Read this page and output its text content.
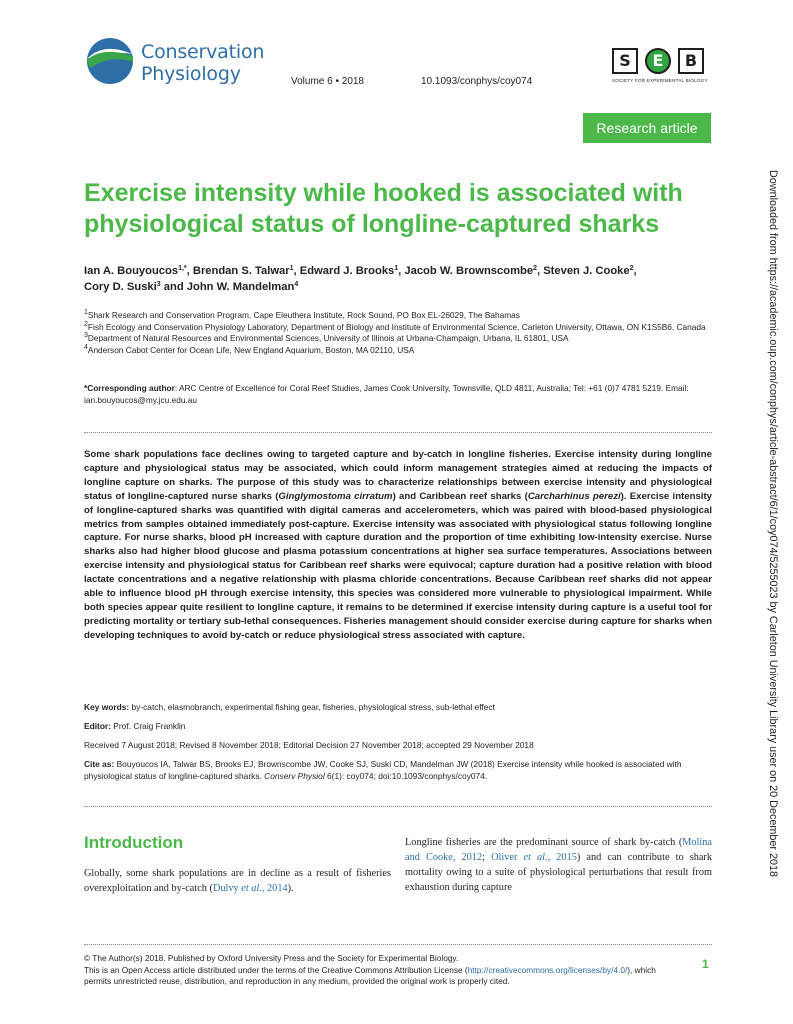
Conservation
Physiology	Volume 6 • 2018	10.1093/conphys/coy074
S	E	B
SOCIETY FOR EXPERIMENTAL BIOLOGY
Research article
Exercise intensity while hooked is associated with physiological status of longline-captured sharks
Ian A. Bouyoucos$^{1,*}$, Brendan S. Talwar$^1$, Edward J. Brooks$^1$, Jacob W. Brownscombe$^2$, Steven J. Cooke$^2$,
Cory D. Suski$^3$ and John W. Mandelman$^4$
$^1$Shark Research and Conservation Program, Cape Eleuthera Institute, Rock Sound, PO Box EL-26029, The Bahamas
$^2$Fish Ecology and Conservation Physiology Laboratory, Department of Biology and Institute of Environmental Science, Carleton University, Ottawa, ON K1S5B6, Canada
$^3$Department of Natural Resources and Environmental Sciences, University of Illinois at Urbana-Champaign, Urbana, IL 61801, USA
$^4$Anderson Cabot Center for Ocean Life, New England Aquarium, Boston, MA 02110, USA
*Corresponding author: ARC Centre of Excellence for Coral Reef Studies, James Cook University, Townsville, QLD 4811, Australia; Tel: +61 (0)7 4781 5219. Email: ian.bouyoucos@my.jcu.edu.au

Some shark populations face declines owing to targeted capture and by-catch in longline fisheries. Exercise intensity during longline capture and physiological status may be associated, which could inform management strategies aimed at reducing the impacts of longline capture on sharks. The purpose of this study was to characterize relationships between exercise intensity and physiological status of longline-captured nurse sharks (Ginglymostoma cirratum) and Caribbean reef sharks (Carcharhinus perezi). Exercise intensity of longline-captured sharks was quantified with digital cameras and accelerometers, which was paired with blood-based physiological metrics from samples obtained immediately post-capture. Exercise intensity was associated with physiological status following longline capture. For nurse sharks, blood pH increased with capture duration and the proportion of time exhibiting low-intensity exercise. Nurse sharks also had higher blood glucose and plasma potassium concentrations at higher sea surface temperatures. Associations between exercise intensity and physiological status for Caribbean reef sharks were equivocal; capture duration had a positive relation with blood lactate concentrations and a negative relationship with plasma chloride concentrations. Because Caribbean reef sharks did not appear able to influence blood pH through exercise intensity, this species was considered more vulnerable to physiological impairment. While both species appear quite resilient to longline capture, it remains to be determined if exercise intensity during capture is a useful tool for predicting mortality or tertiary sub-lethal consequences. Fisheries management should consider exercise during capture for sharks when developing techniques to avoid by-catch or reduce physiological stress associated with capture.

Key words: by-catch, elasmobranch, experimental fishing gear, fisheries, physiological stress, sub-lethal effect
Editor: Prof. Craig Franklin
Received 7 August 2018; Revised 8 November 2018; Editorial Decision 27 November 2018; accepted 29 November 2018
Cite as: Bouyoucos IA, Talwar BS, Brooks EJ, Brownscombe JW, Cooke SJ, Suski CD, Mandelman JW (2018) Exercise intensity while hooked is associated with physiological status of longline-captured sharks. Conserv Physiol 6(1): coy074; doi:10.1093/conphys/coy074.
Introduction

Globally, some shark populations are in decline as a result of fisheries overexploitation and by-catch (Dulvy et al., 2014).

Longline fisheries are the predominant source of shark by-catch (Molina and Cooke, 2012; Oliver et al., 2015) and can contribute to shark mortality owing to a suite of physiological perturbations that result from exhaustion during capture

© The Author(s) 2018. Published by Oxford University Press and the Society for Experimental Biology.
This is an Open Access article distributed under the terms of the Creative Commons Attribution License (http://creativecommons.org/licenses/by/4.0/), which permits unrestricted reuse, distribution, and reproduction in any medium, provided the original work is properly cited.
1
Downloaded from https://academic.oup.com/conphys/article-abstract/6/1/coy074/5255023 by Carleton University Library user on 20 December 2018
